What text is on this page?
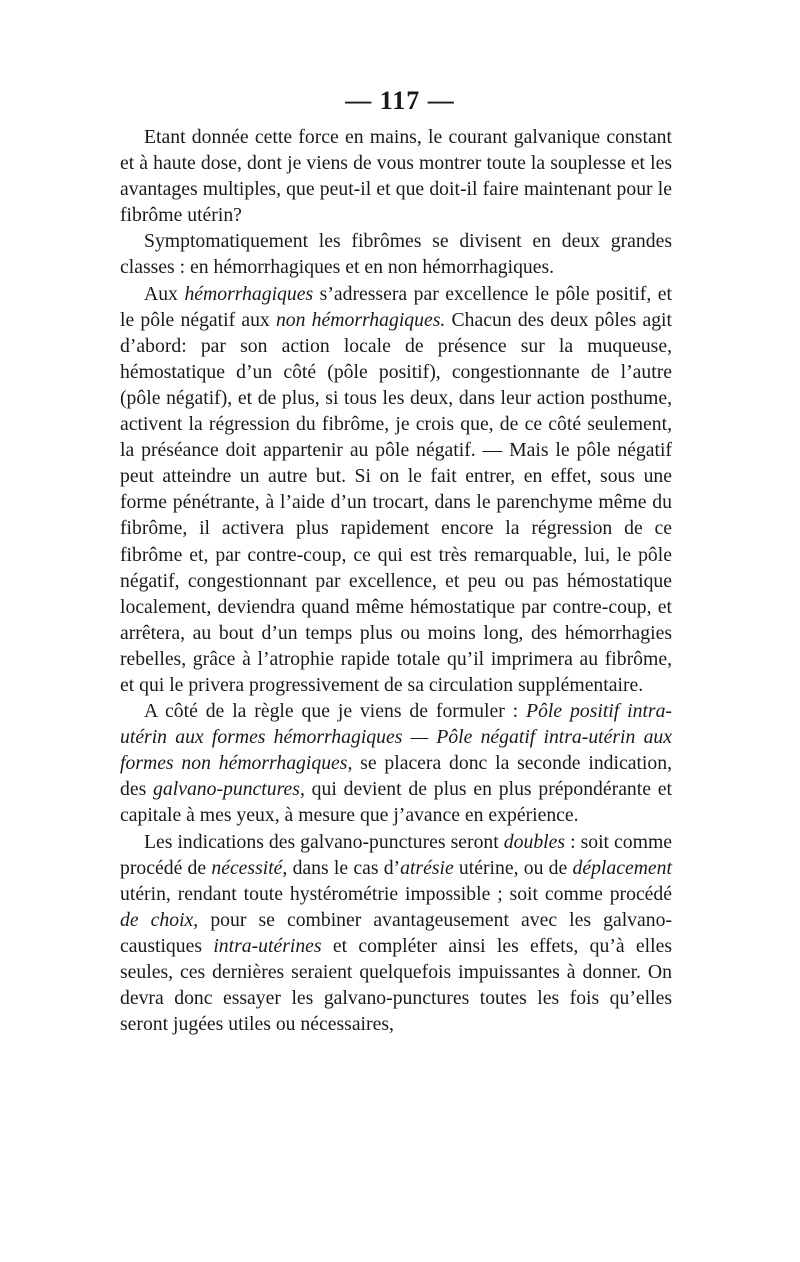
— 117 —

Etant donnée cette force en mains, le courant galvanique constant et à haute dose, dont je viens de vous montrer toute la souplesse et les avantages multiples, que peut-il et que doit-il faire maintenant pour le fibrôme utérin?

Symptomatiquement les fibrômes se divisent en deux grandes classes : en hémorrhagiques et en non hémorrhagiques.

Aux hémorrhagiques s’adressera par excellence le pôle positif, et le pôle négatif aux non hémorrhagiques. Chacun des deux pôles agit d’abord: par son action locale de présence sur la muqueuse, hémostatique d’un côté (pôle positif), congestionnante de l’autre (pôle négatif), et de plus, si tous les deux, dans leur action posthume, activent la régression du fibrôme, je crois que, de ce côté seulement, la préséance doit appartenir au pôle négatif. — Mais le pôle négatif peut atteindre un autre but. Si on le fait entrer, en effet, sous une forme pénétrante, à l’aide d’un trocart, dans le parenchyme même du fibrôme, il activera plus rapidement encore la régression de ce fibrôme et, par contre-coup, ce qui est très remarquable, lui, le pôle négatif, congestionnant par excellence, et peu ou pas hémostatique localement, deviendra quand même hémostatique par contre-coup, et arrêtera, au bout d’un temps plus ou moins long, des hémorrhagies rebelles, grâce à l’atrophie rapide totale qu’il imprimera au fibrôme, et qui le privera progressivement de sa circulation supplémentaire.

A côté de la règle que je viens de formuler : Pôle positif intra-utérin aux formes hémorrhagiques — Pôle négatif intra-utérin aux formes non hémorrhagiques, se placera donc la seconde indication, des galvano-punctures, qui devient de plus en plus prépondérante et capitale à mes yeux, à mesure que j’avance en expérience.

Les indications des galvano-punctures seront doubles : soit comme procédé de nécessité, dans le cas d’atrésie utérine, ou de déplacement utérin, rendant toute hystérométrie impossible ; soit comme procédé de choix, pour se combiner avantageusement avec les galvano-caustiques intra-utérines et compléter ainsi les effets, qu’à elles seules, ces dernières seraient quelquefois impuissantes à donner. On devra donc essayer les galvano-punctures toutes les fois qu’elles seront jugées utiles ou nécessaires,
